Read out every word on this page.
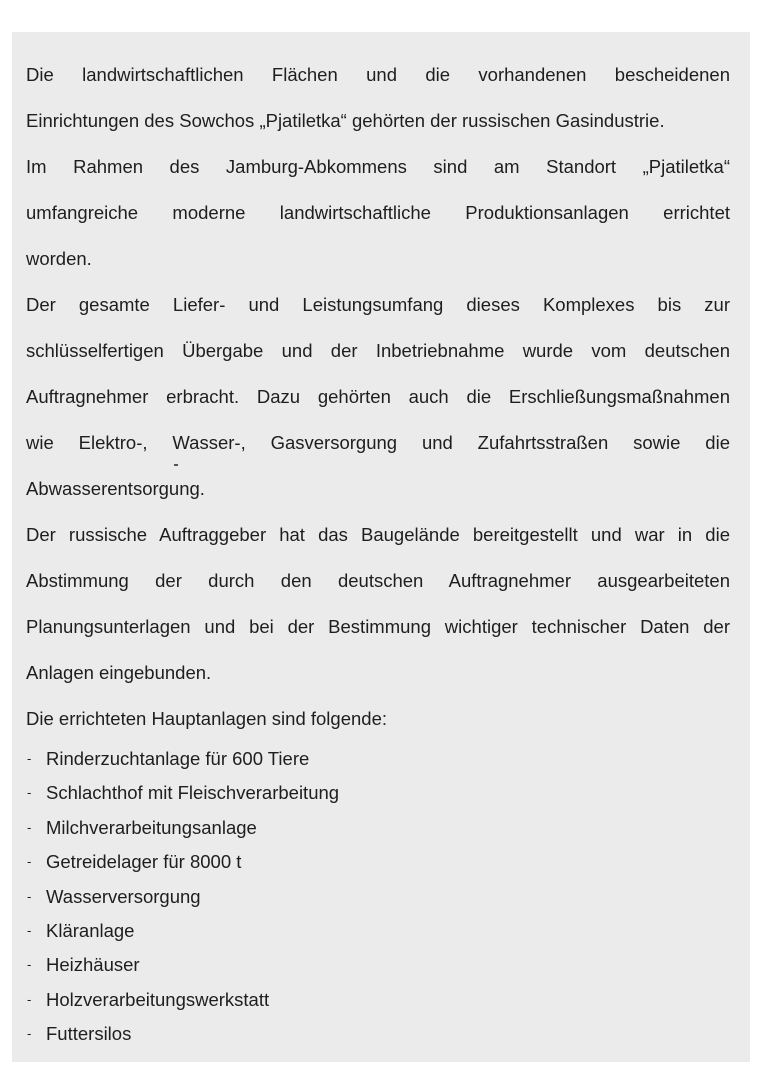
Die landwirtschaftlichen Flächen und die vorhandenen bescheidenen

Einrichtungen des Sowchos „Pjatiletka“ gehörten der russischen Gasindustrie.

Im Rahmen des Jamburg-Abkommens sind am Standort „Pjatiletka“

umfangreiche moderne landwirtschaftliche Produktionsanlagen errichtet

worden.

Der gesamte Liefer- und Leistungsumfang dieses Komplexes bis zur

schlüsselfertigen Übergabe und der Inbetriebnahme wurde vom deutschen

Auftragnehmer erbracht. Dazu gehörten auch die Erschließungsmaßnahmen

wie Elektro-, Wasser-, Gasversorgung und Zufahrtsstraßen sowie die

Abwasserentsorgung.

Der russische Auftraggeber hat das Baugelände bereitgestellt und war in die

Abstimmung der durch den deutschen Auftragnehmer ausgearbeiteten

Planungsunterlagen und bei der Bestimmung wichtiger technischer Daten der

Anlagen eingebunden.

Die errichteten Hauptanlagen sind folgende:

- Rinderzuchtanlage für 600 Tiere
- Schlachthof mit Fleischverarbeitung
- Milchverarbeitungsanlage
- Getreidelager für 8000 t
- Wasserversorgung
- Kläranlage
- Heizhäuser
- Holzverarbeitungswerkstatt
- Futtersilos
